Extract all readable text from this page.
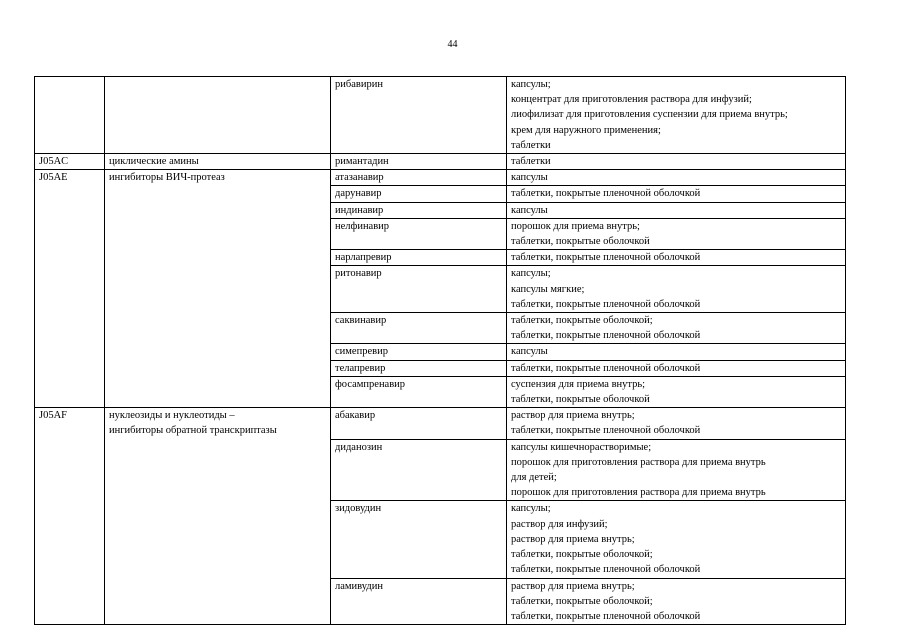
44

		рибавирин	капсулы;
концентрат для приготовления раствора для инфузий;
лиофилизат для приготовления суспензии для приема внутрь;
крем для наружного применения;
таблетки

J05AC	циклические амины	римантадин	таблетки

J05AE	ингибиторы ВИЧ-протеаз	атазанавир	капсулы

		дарунавир	таблетки, покрытые пленочной оболочкой

		индинавир	капсулы

		нелфинавир	порошок для приема внутрь;
таблетки, покрытые оболочкой

		нарлапревир	таблетки, покрытые пленочной оболочкой

		ритонавир	капсулы;
капсулы мягкие;
таблетки, покрытые пленочной оболочкой

		саквинавир	таблетки, покрытые оболочкой;
таблетки, покрытые пленочной оболочкой

		симепревир	капсулы

		телапревир	таблетки, покрытые пленочной оболочкой

		фосампренавир	суспензия для приема внутрь;
таблетки, покрытые оболочкой

J05AF	нуклеозиды и нуклеотиды –
ингибиторы обратной транскриптазы	абакавир	раствор для приема внутрь;
таблетки, покрытые пленочной оболочкой

		диданозин	капсулы кишечнорастворимые;
порошок для приготовления раствора для приема внутрь
для детей;
порошок для приготовления раствора для приема внутрь

		зидовудин	капсулы;
раствор для инфузий;
раствор для приема внутрь;
таблетки, покрытые оболочкой;
таблетки, покрытые пленочной оболочкой

		ламивудин	раствор для приема внутрь;
таблетки, покрытые оболочкой;
таблетки, покрытые пленочной оболочкой
